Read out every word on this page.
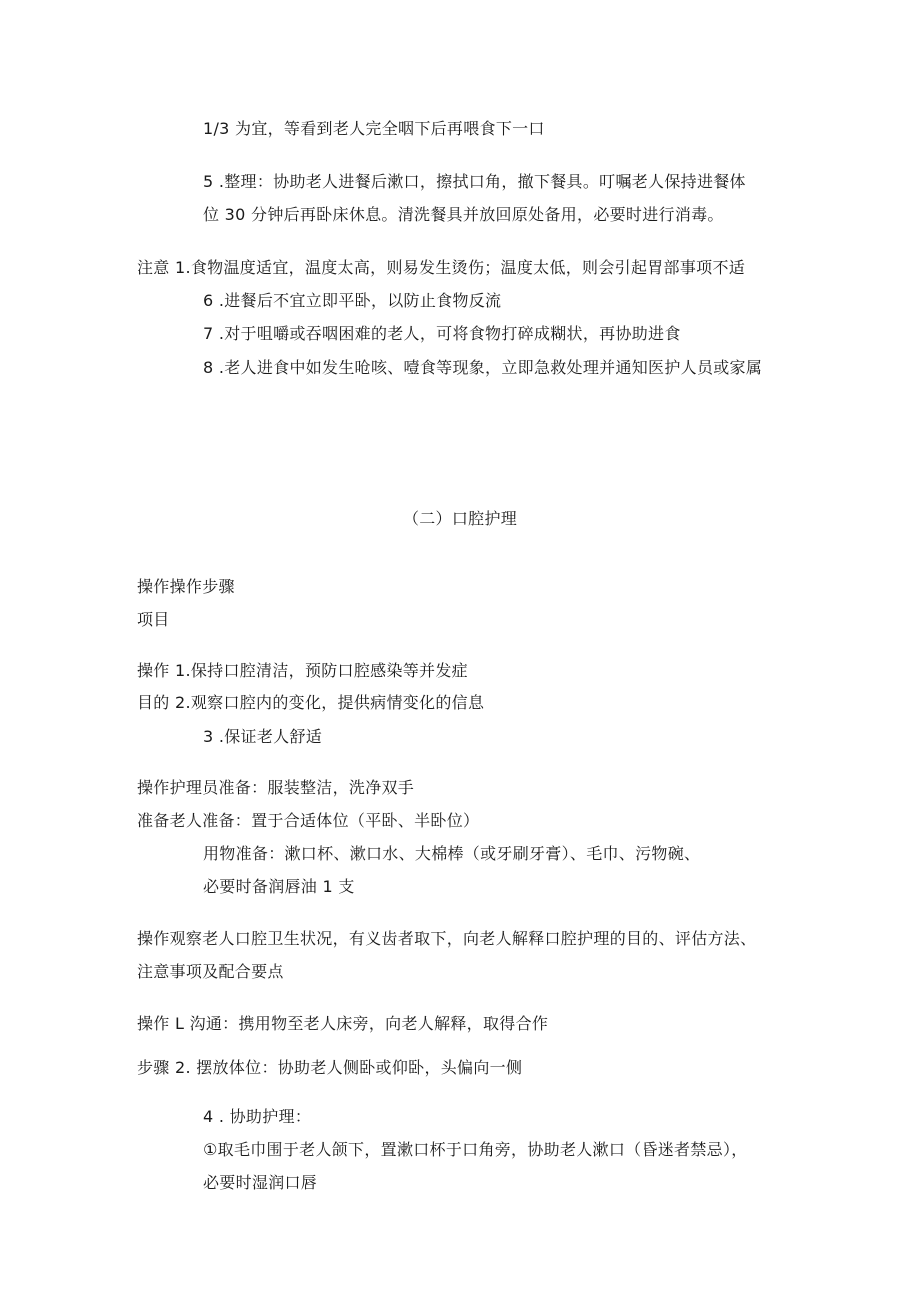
1/3 为宜，等看到老人完全咽下后再喂食下一口
5 .整理：协助老人进餐后漱口，擦拭口角，撤下餐具。叮嘱老人保持进餐体
位 30 分钟后再卧床休息。清洗餐具并放回原处备用，必要时进行消毒。
注意 1.食物温度适宜，温度太高，则易发生烫伤；温度太低，则会引起胃部事项不适
6 .进餐后不宜立即平卧，以防止食物反流
7 .对于咀嚼或吞咽困难的老人，可将食物打碎成糊状，再协助进食
8 .老人进食中如发生呛咳、噎食等现象，立即急救处理并通知医护人员或家属
（二）口腔护理
操作操作步骤
项目
操作 1.保持口腔清洁，预防口腔感染等并发症
目的 2.观察口腔内的变化，提供病情变化的信息
3 .保证老人舒适
操作护理员准备：服装整洁，洗净双手
准备老人准备：置于合适体位（平卧、半卧位）
用物准备：漱口杯、漱口水、大棉棒（或牙刷牙膏）、毛巾、污物碗、
必要时备润唇油 1 支
操作观察老人口腔卫生状况，有义齿者取下，向老人解释口腔护理的目的、评估方法、
注意事项及配合要点
操作 L 沟通：携用物至老人床旁，向老人解释，取得合作
步骤 2. 摆放体位：协助老人侧卧或仰卧，头偏向一侧
4 . 协助护理：
①取毛巾围于老人颌下，置漱口杯于口角旁，协助老人漱口（昏迷者禁忌），
必要时湿润口唇
